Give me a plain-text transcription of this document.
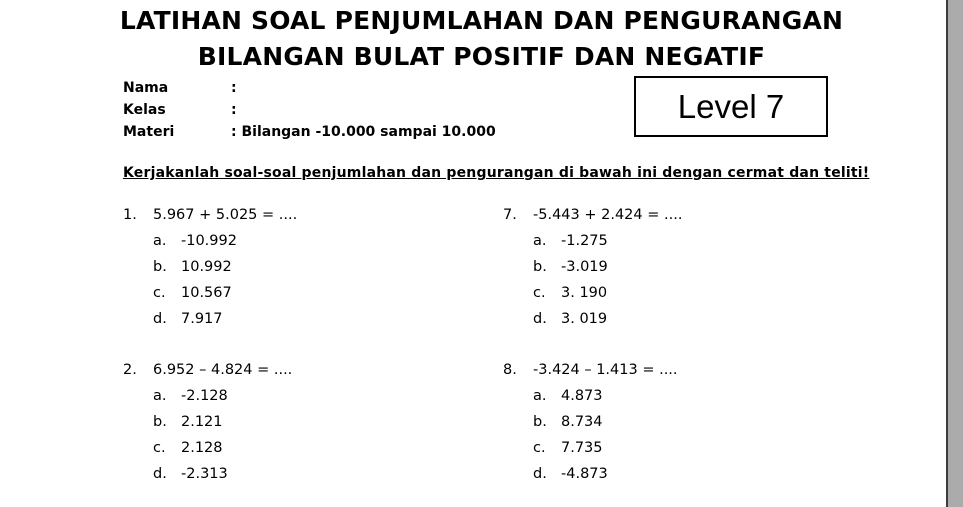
LATIHAN SOAL PENJUMLAHAN DAN PENGURANGAN
BILANGAN BULAT POSITIF DAN NEGATIF
Nama	:
Kelas	:
Materi	: Bilangan -10.000 sampai 10.000
Level 7
Kerjakanlah soal-soal penjumlahan dan pengurangan di bawah ini dengan cermat dan teliti!
1. 5.967 + 5.025 = ....
a. -10.992
b. 10.992
c. 10.567
d. 7.917
7. -5.443 + 2.424 = ....
a. -1.275
b. -3.019
c. 3. 190
d. 3. 019
2. 6.952 – 4.824 = ....
a. -2.128
b. 2.121
c. 2.128
d. -2.313
8. -3.424 – 1.413 = ....
a. 4.873
b. 8.734
c. 7.735
d. -4.873
